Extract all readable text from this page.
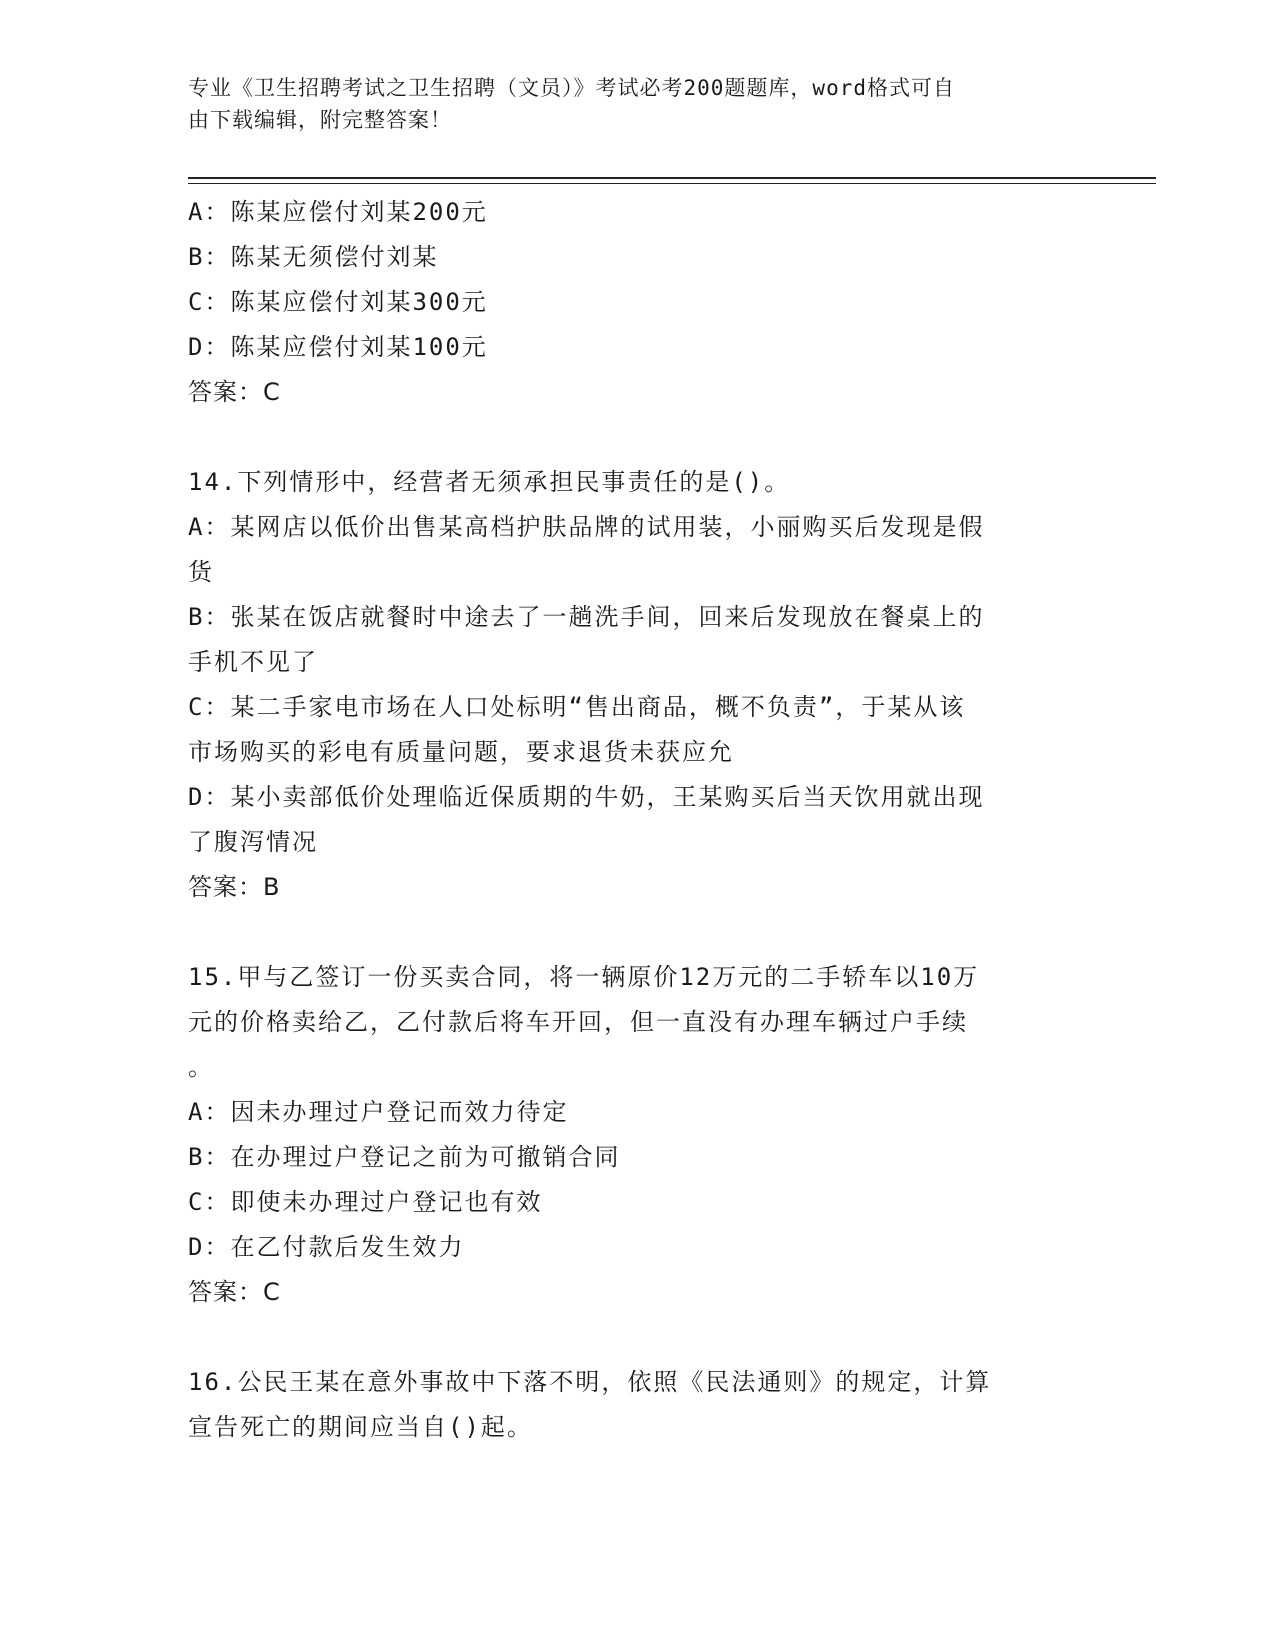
专业《卫生招聘考试之卫生招聘（文员）》考试必考200题题库，word格式可自
由下载编辑，附完整答案！
A：陈某应偿付刘某200元
B：陈某无须偿付刘某
C：陈某应偿付刘某300元
D：陈某应偿付刘某100元
答案：C
14.下列情形中，经营者无须承担民事责任的是()。
A：某网店以低价出售某高档护肤品牌的试用装，小丽购买后发现是假
货
B：张某在饭店就餐时中途去了一趟洗手间，回来后发现放在餐桌上的
手机不见了
C：某二手家电市场在人口处标明“售出商品，概不负责”，于某从该
市场购买的彩电有质量问题，要求退货未获应允
D：某小卖部低价处理临近保质期的牛奶，王某购买后当天饮用就出现
了腹泻情况
答案：B
15.甲与乙签订一份买卖合同，将一辆原价12万元的二手轿车以10万
元的价格卖给乙，乙付款后将车开回，但一直没有办理车辆过户手续
。
A：因未办理过户登记而效力待定
B：在办理过户登记之前为可撤销合同
C：即使未办理过户登记也有效
D：在乙付款后发生效力
答案：C
16.公民王某在意外事故中下落不明，依照《民法通则》的规定，计算
宣告死亡的期间应当自()起。
